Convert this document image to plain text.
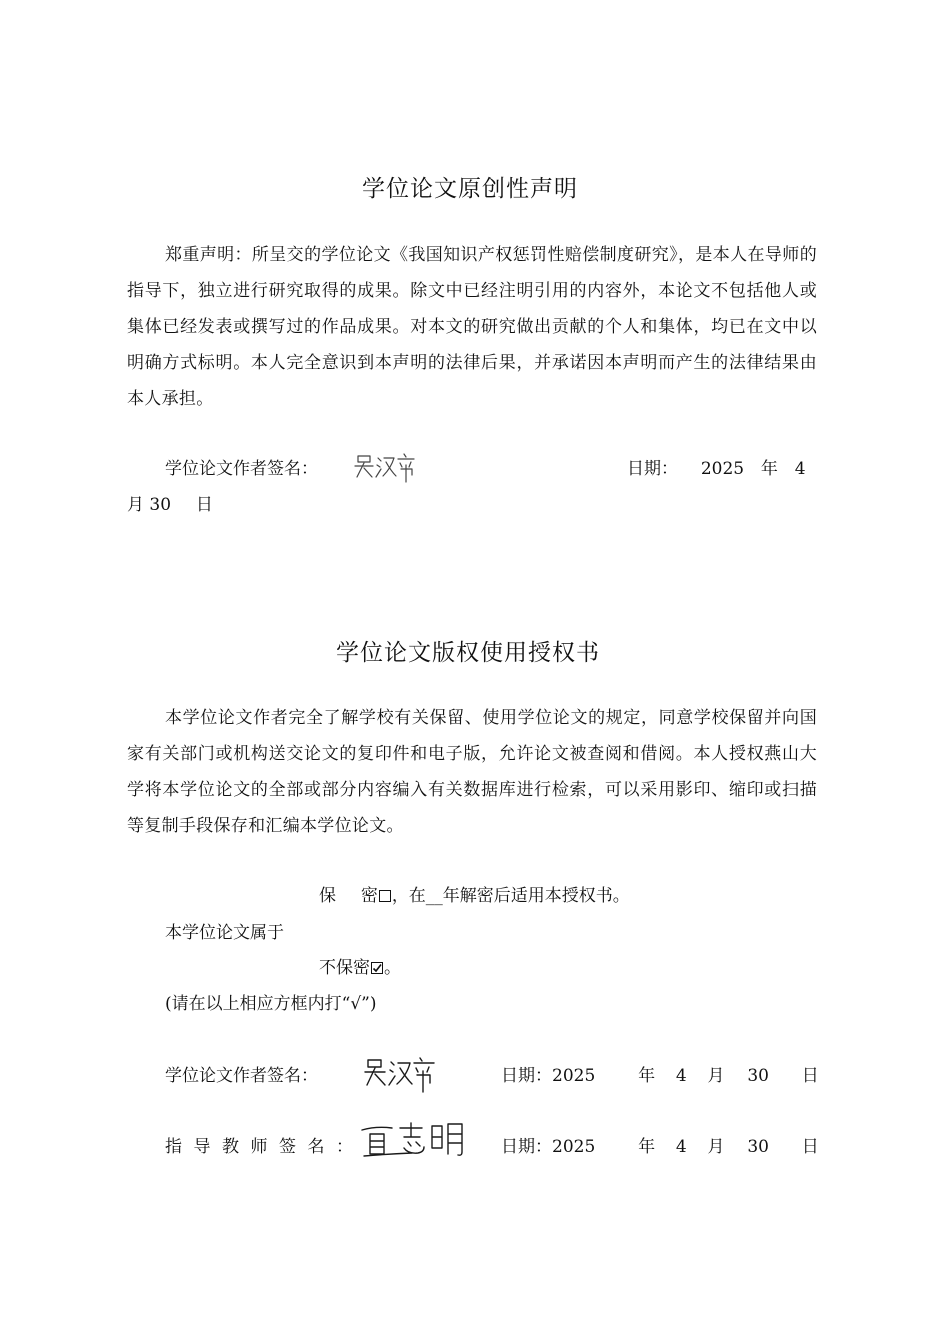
学位论文原创性声明
郑重声明：所呈交的学位论文《我国知识产权惩罚性赔偿制度研究》，是本人在导师的指导下，独立进行研究取得的成果。除文中已经注明引用的内容外，本论文不包括他人或集体已经发表或撰写过的作品成果。对本文的研究做出贡献的个人和集体，均已在文中以明确方式标明。本人完全意识到本声明的法律后果，并承诺因本声明而产生的法律结果由本人承担。
学位论文作者签名：	日期： 2025 年 4
月 30 日
学位论文版权使用授权书
本学位论文作者完全了解学校有关保留、使用学位论文的规定，同意学校保留并向国家有关部门或机构送交论文的复印件和电子版，允许论文被查阅和借阅。本人授权燕山大学将本学位论文的全部或部分内容编入有关数据库进行检索，可以采用影印、缩印或扫描等复制手段保存和汇编本学位论文。
保 密 ，在__年解密后适用本授权书。
本学位论文属于
不保密 。
(请在以上相应方框内打“√”)
学位论文作者签名：	日期：2025	年 4 月 30 日
指导教师签名：	日期：2025	年 4 月 30 日
